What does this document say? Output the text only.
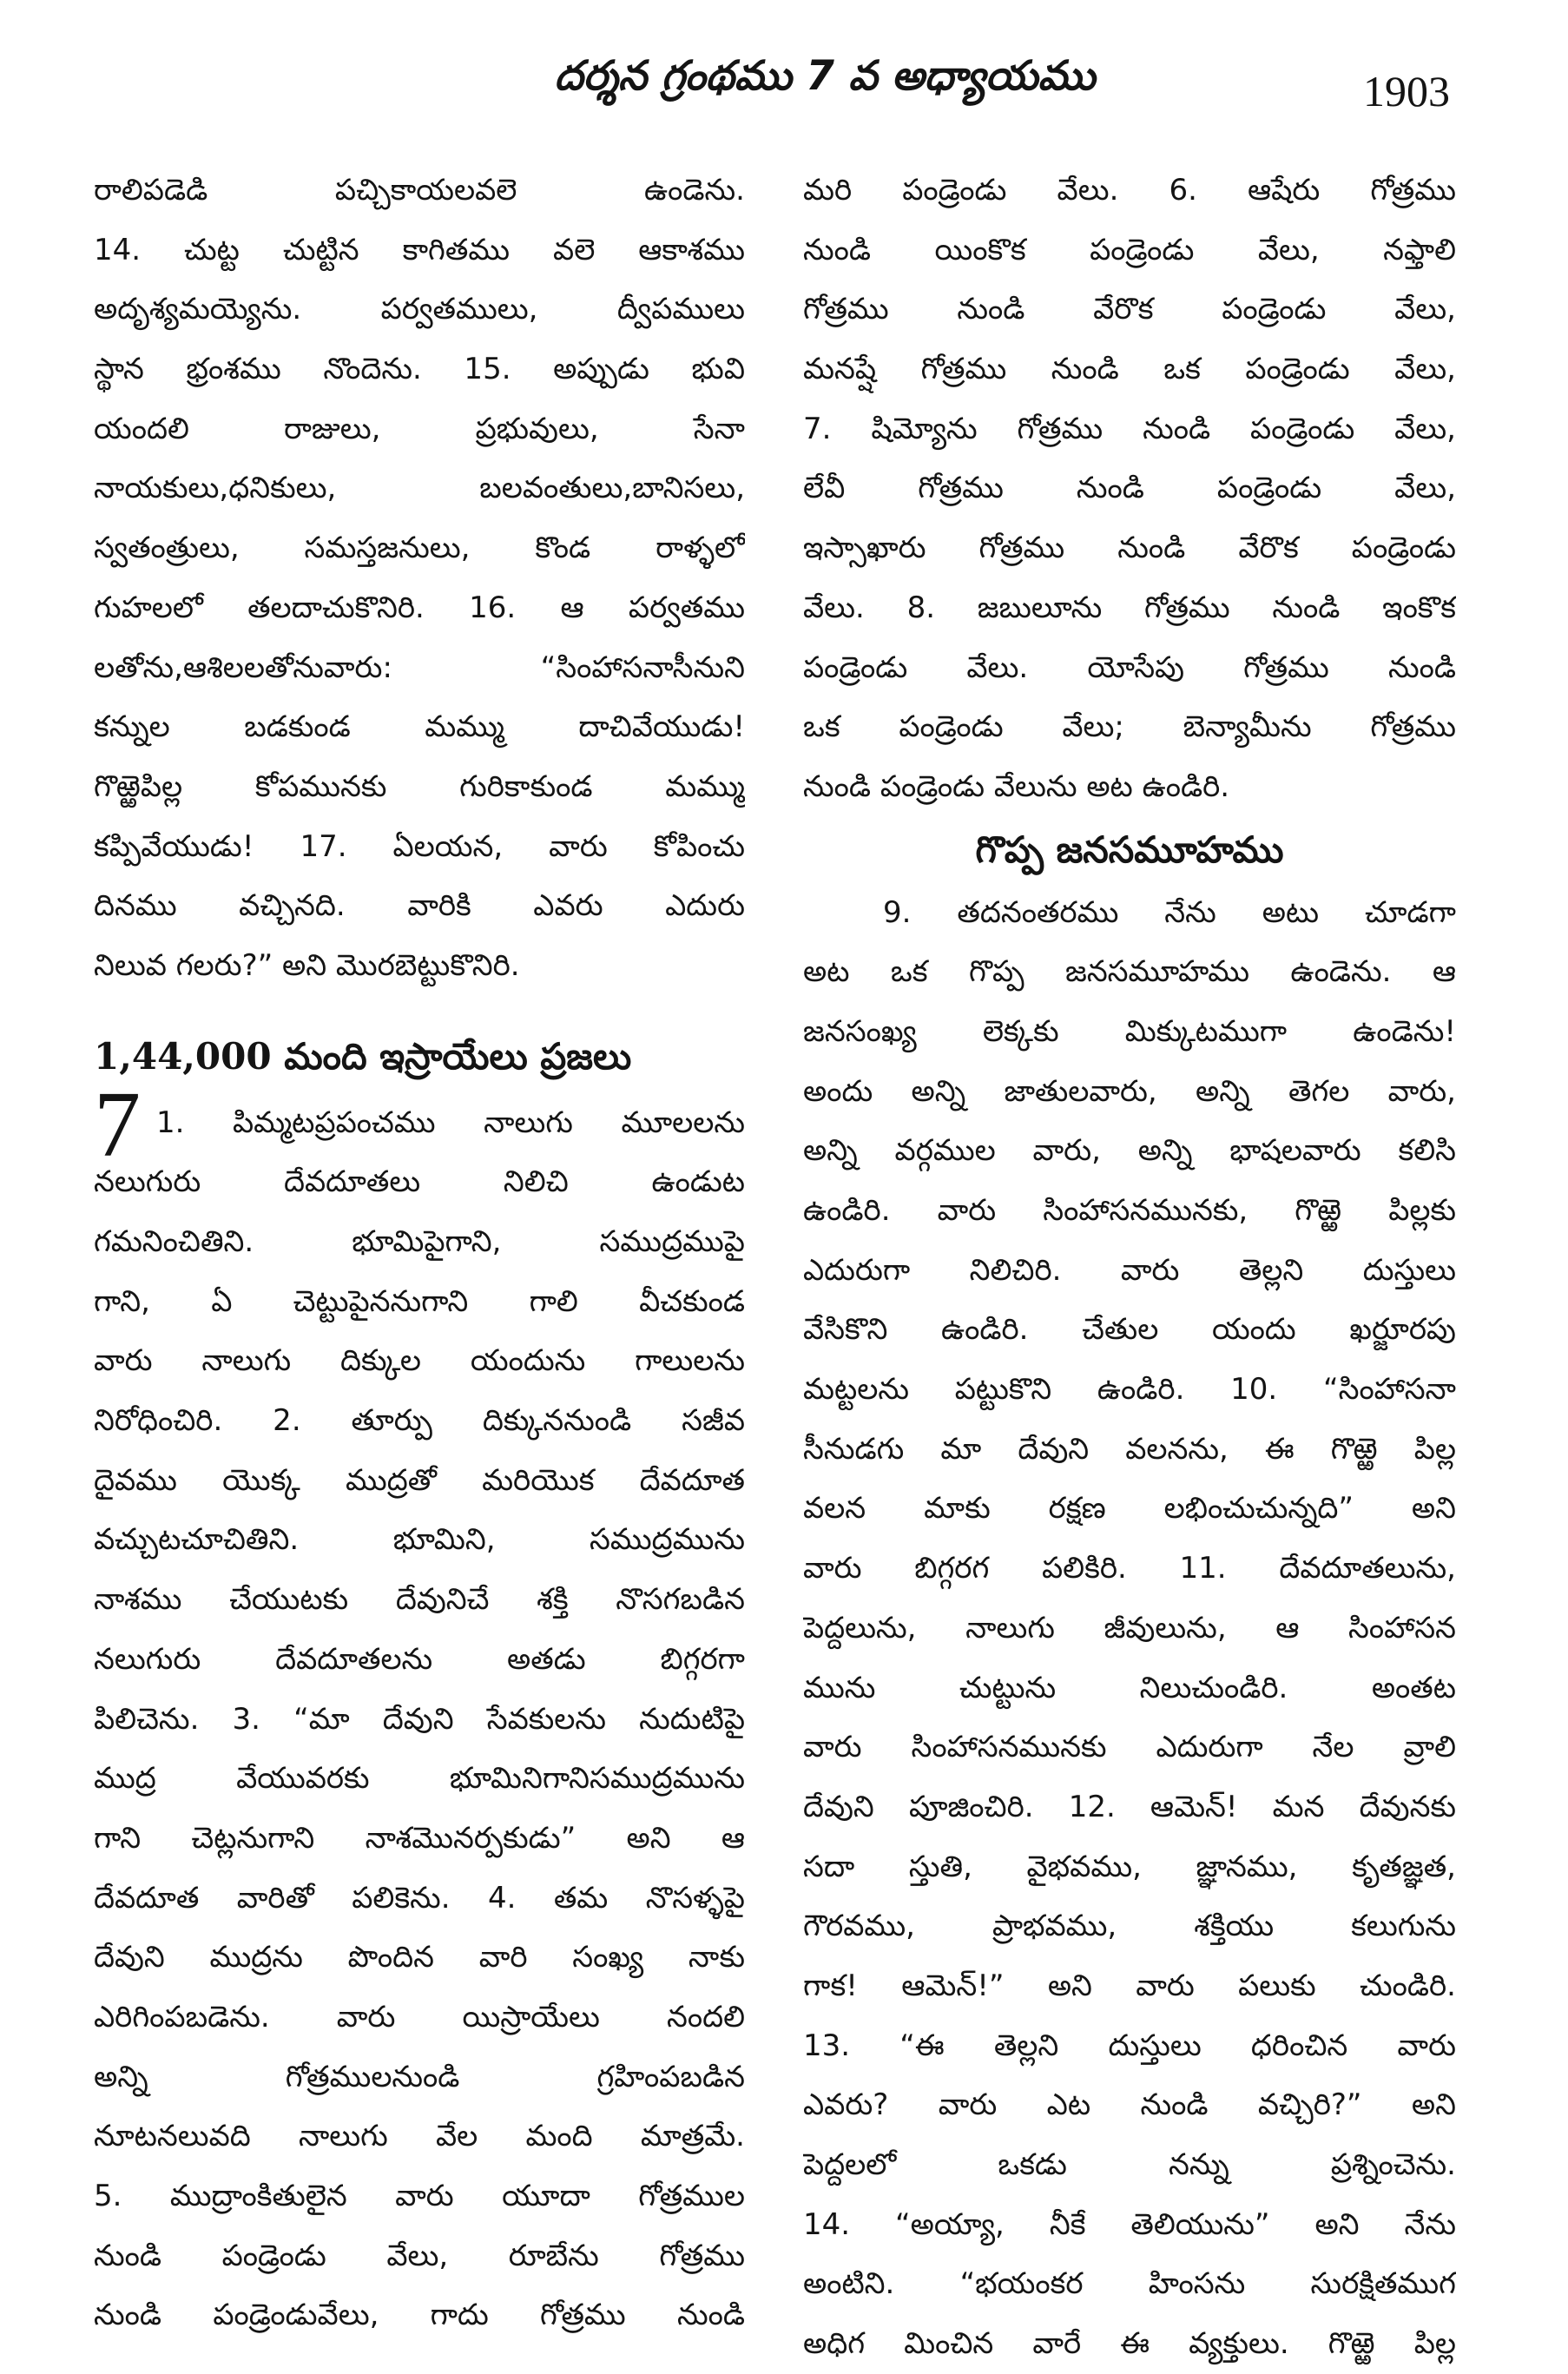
దర్శన గ్రంథము 7 వ అధ్యాయము	1903
రాలిపడెడి పచ్చికాయలవలె ఉండెను.
14. చుట్ట చుట్టిన కాగితము వలె ఆకాశము
అదృశ్యమయ్యెను. పర్వతములు, ద్వీపములు
స్థాన భ్రంశము నొందెను. 15. అప్పుడు భువి
యందలి రాజులు, ప్రభువులు, సేనా
నాయకులు,ధనికులు, బలవంతులు,బానిసలు,
స్వతంత్రులు, సమస్తజనులు, కొండ రాళ్ళలో
గుహలలో తలదాచుకొనిరి. 16. ఆ పర్వతము
లతోను,ఆశిలలతోనువారు: “సింహాసనాసీనుని
కన్నుల బడకుండ మమ్ము దాచివేయుడు!
గొఱ్ఱెపిల్ల కోపమునకు గురికాకుండ మమ్ము
కప్పివేయుడు! 17. ఏలయన, వారు కోపించు
దినము వచ్చినది. వారికి ఎవరు ఎదురు
నిలువ గలరు?” అని మొరబెట్టుకొనిరి.
1,44,000 మంది ఇస్రాయేలు ప్రజలు
7 1. పిమ్మటప్రపంచము నాలుగు మూలలను
నలుగురు దేవదూతలు నిలిచి ఉండుట
గమనించితిని. భూమిపైగాని, సముద్రముపై
గాని, ఏ చెట్టుపైననుగాని గాలి వీచకుండ
వారు నాలుగు దిక్కుల యందును గాలులను
నిరోధించిరి. 2. తూర్పు దిక్కుననుండి సజీవ
దైవము యొక్క ముద్రతో మరియొక దేవదూత
వచ్చుటచూచితిని. భూమిని, సముద్రమును
నాశము చేయుటకు దేవునిచే శక్తి నొసగబడిన
నలుగురు దేవదూతలను అతడు బిగ్గరగా
పిలిచెను. 3. “మా దేవుని సేవకులను నుదుటిపై
ముద్ర వేయువరకు భూమినిగానిసముద్రమును
గాని చెట్లనుగాని నాశమొనర్పకుడు” అని ఆ
దేవదూత వారితో పలికెను. 4. తమ నొసళ్ళపై
దేవుని ముద్రను పొందిన వారి సంఖ్య నాకు
ఎరిగింపబడెను. వారు యిస్రాయేలు నందలి
అన్ని గోత్రములనుండి గ్రహింపబడిన
నూటనలువది నాలుగు వేల మంది మాత్రమే.
5. ముద్రాంకితులైన వారు యూదా గోత్రముల
నుండి పండ్రెండు వేలు, రూబేను గోత్రము
నుండి పండ్రెండువేలు, గాదు గోత్రము నుండి
మరి పండ్రెండు వేలు. 6. ఆషేరు గోత్రము
నుండి యింకొక పండ్రెండు వేలు, నఫ్తాలి
గోత్రము నుండి వేరొక పండ్రెండు వేలు,
మనష్షే గోత్రము నుండి ఒక పండ్రెండు వేలు,
7. షిమ్యోను గోత్రము నుండి పండ్రెండు వేలు,
లేవీ గోత్రము నుండి పండ్రెండు వేలు,
ఇస్సాఖారు గోత్రము నుండి వేరొక పండ్రెండు
వేలు. 8. జబులూను గోత్రము నుండి ఇంకొక
పండ్రెండు వేలు. యోసేపు గోత్రము నుండి
ఒక పండ్రెండు వేలు; బెన్యామీను గోత్రము
నుండి పండ్రెండు వేలును అట ఉండిరి.
గొప్ప జనసమూహము
9. తదనంతరము నేను అటు చూడగా
అట ఒక గొప్ప జనసమూహము ఉండెను. ఆ
జనసంఖ్య లెక్కకు మిక్కుటముగా ఉండెను!
అందు అన్ని జాతులవారు, అన్ని తెగల వారు,
అన్ని వర్గముల వారు, అన్ని భాషలవారు కలిసి
ఉండిరి. వారు సింహాసనమునకు, గొఱ్ఱె పిల్లకు
ఎదురుగా నిలిచిరి. వారు తెల్లని దుస్తులు
వేసికొని ఉండిరి. చేతుల యందు ఖర్జూరపు
మట్టలను పట్టుకొని ఉండిరి. 10. “సింహాసనా
సీనుడగు మా దేవుని వలనను, ఈ గొఱ్ఱె పిల్ల
వలన మాకు రక్షణ లభించుచున్నది” అని
వారు బిగ్గరగ పలికిరి. 11. దేవదూతలును,
పెద్దలును, నాలుగు జీవులును, ఆ సింహాసన
మును చుట్టును నిలుచుండిరి. అంతట
వారు సింహాసనమునకు ఎదురుగా నేల వ్రాలి
దేవుని పూజించిరి. 12. ఆమెన్! మన దేవునకు
సదా స్తుతి, వైభవము, జ్ఞానము, కృతజ్ఞత,
గౌరవము, ప్రాభవము, శక్తియు కలుగును
గాక! ఆమెన్!” అని వారు పలుకు చుండిరి.
13. “ఈ తెల్లని దుస్తులు ధరించిన వారు
ఎవరు? వారు ఎట నుండి వచ్చిరి?” అని
పెద్దలలో ఒకడు నన్ను ప్రశ్నించెను.
14. “అయ్యా, నీకే తెలియును” అని నేను
అంటిని. “భయంకర హింసను సురక్షితముగ
అధిగ మించిన వారే ఈ వ్యక్తులు. గొఱ్ఱె పిల్ల
